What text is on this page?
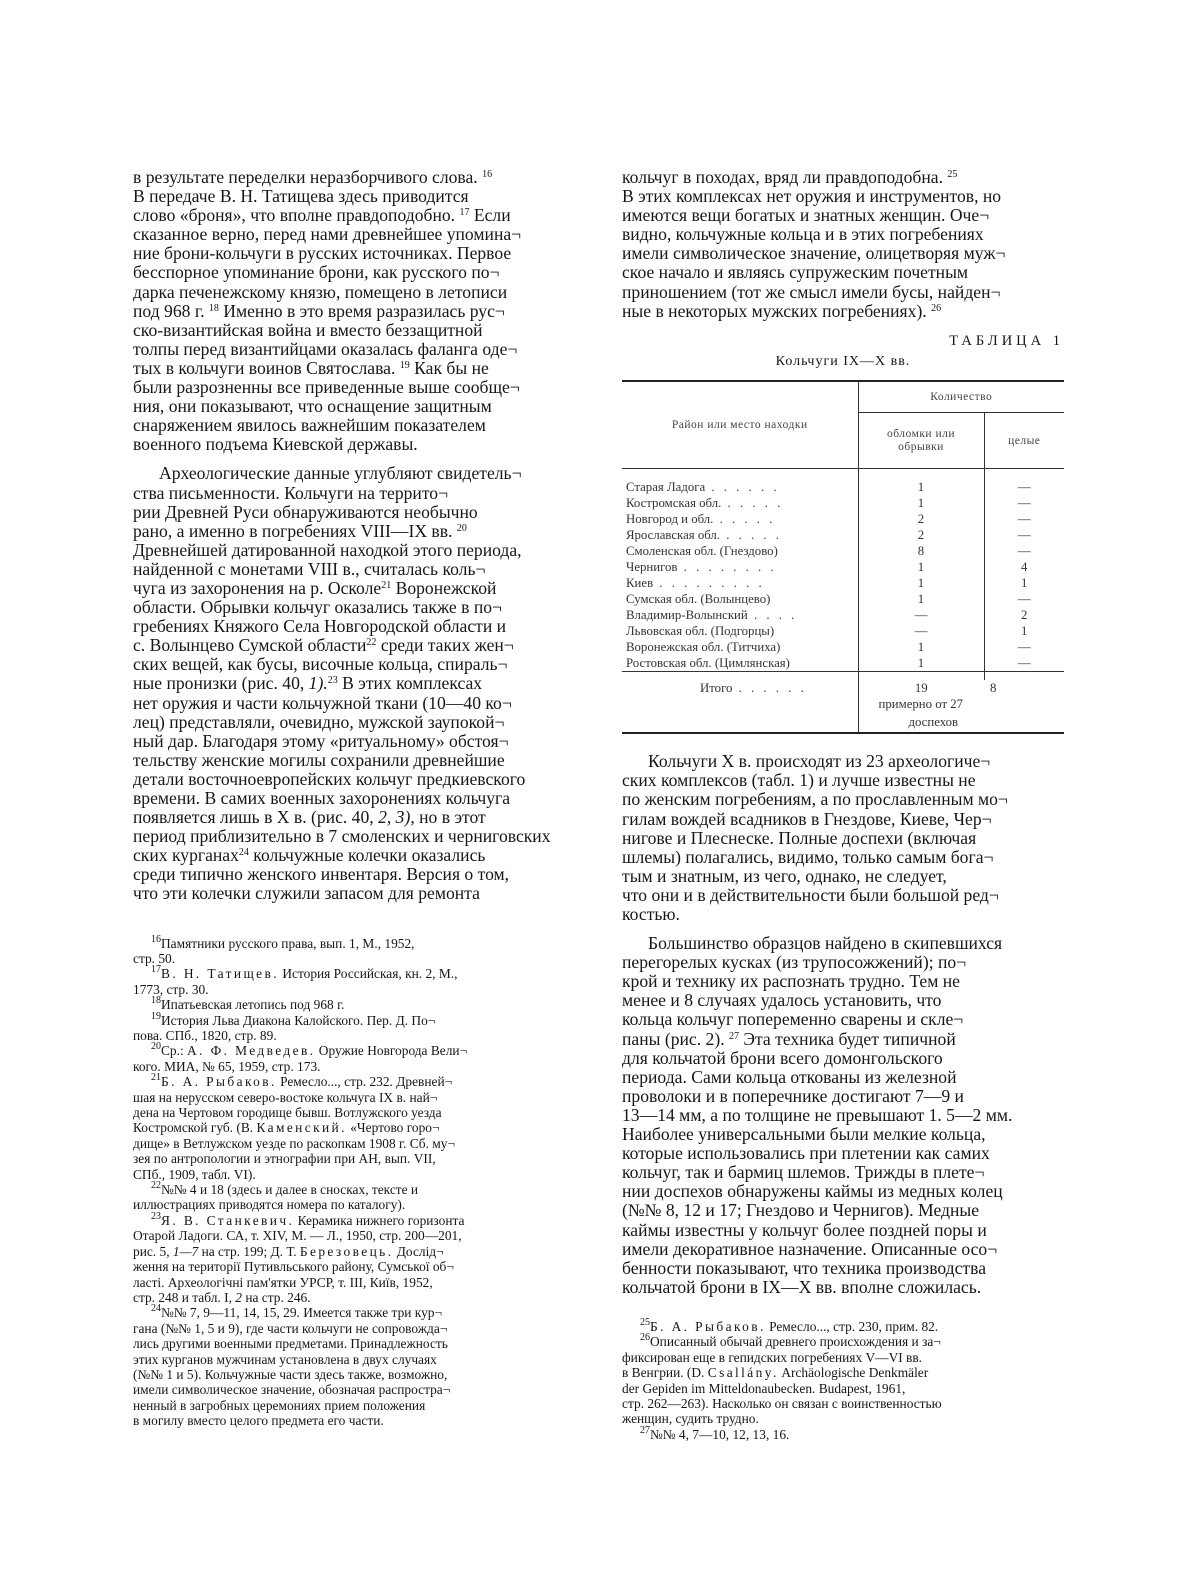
в результате переделки неразборчивого слова. $^{16}$
В передаче В. Н. Татищева здесь приводится
слово «броня», что вполне правдоподобно. $^{17}$ Если
сказанное верно, перед нами древнейшее упомина¬
ние брони-кольчуги в русских источниках. Первое
бесспорное упоминание брони, как русского по¬
дарка печенежскому князю, помещено в летописи
под 968 г. $^{18}$ Именно в это время разразилась рус¬
ско-византийская война и вместо беззащитной
толпы перед византийцами оказалась фаланга оде¬
тых в кольчуги воинов Святослава. $^{19}$ Как бы не
были разрозненны все приведенные выше сообще¬
ния, они показывают, что оснащение защитным
снаряжением явилось важнейшим показателем
военного подъема Киевской державы.
Археологические данные углубляют свидетель¬
ства письменности. Кольчуги на террито¬
рии Древней Руси обнаруживаются необычно
рано, а именно в погребениях VIII—IX вв. $^{20}$
Древнейшей датированной находкой этого периода,
найденной с монетами VIII в., считалась коль¬
чуга из захоронения на р. Осколе$^{21}$ Воронежской
области. Обрывки кольчуг оказались также в по¬
гребениях Княжого Села Новгородской области и
с. Волынцево Сумской области$^{22}$ среди таких жен¬
ских вещей, как бусы, височные кольца, спираль¬
ные пронизки (рис. 40, 1).$^{23}$ В этих комплексах
нет оружия и части кольчужной ткани (10—40 ко¬
лец) представляли, очевидно, мужской заупокой¬
ный дар. Благодаря этому «ритуальному» обстоя¬
тельству женские могилы сохранили древнейшие
детали восточноевропейских кольчуг предкиевского
времени. В самих военных захоронениях кольчуга
появляется лишь в X в. (рис. 40, 2, 3), но в этот
период приблизительно в 7 смоленских и черниговских
ских курганах$^{24}$ кольчужные колечки оказались
среди типично женского инвентаря. Версия о том,
что эти колечки служили запасом для ремонта
$^{16}$Памятники русского права, вып. 1, М., 1952,
стр. 50.
$^{17}$В. Н. Татищев. История Российская, кн. 2, М.,
1773, стр. 30.
$^{18}$Ипатьевская летопись под 968 г.
$^{19}$История Льва Диакона Калойского. Пер. Д. По¬
пова. СПб., 1820, стр. 89.
$^{20}$Ср.: А. Ф. Медведев. Оружие Новгорода Вели¬
кого. МИА, № 65, 1959, стр. 173.
$^{21}$Б. А. Рыбаков. Ремесло..., стр. 232. Древней¬
шая на нерусском северо-востоке кольчуга IX в. най¬
дена на Чертовом городище бывш. Вотлужского уезда
Костромской губ. (В. Каменский. «Чертово горо¬
дище» в Ветлужском уезде по раскопкам 1908 г. Сб. му¬
зея по антропологии и этнографии при АН, вып. VII,
СПб., 1909, табл. VI).
$^{22}$№№ 4 и 18 (здесь и далее в сносках, тексте и
иллюстрациях приводятся номера по каталогу).
$^{23}$Я. В. Станкевич. Керамика нижнего горизонта
Отарой Ладоги. СА, т. XIV, М. — Л., 1950, стр. 200—201,
рис. 5, 1—7 на стр. 199; Д. Т. Березовець. Дослід¬
ження на території Путивльського району, Сумської об¬
ласті. Археологічні пам'ятки УРСР, т. III, Київ, 1952,
стр. 248 и табл. I, 2 на стр. 246.
$^{24}$№№ 7, 9—11, 14, 15, 29. Имеется также три кур¬
гана (№№ 1, 5 и 9), где части кольчуги не сопровожда¬
лись другими военными предметами. Принадлежность
этих курганов мужчинам установлена в двух случаях
(№№ 1 и 5). Кольчужные части здесь также, возможно,
имели символическое значение, обозначая распростра¬
ненный в загробных церемониях прием положения
в могилу вместо целого предмета его части.
кольчуг в походах, вряд ли правдоподобна. $^{25}$
В этих комплексах нет оружия и инструментов, но
имеются вещи богатых и знатных женщин. Оче¬
видно, кольчужные кольца и в этих погребениях
имели символическое значение, олицетворяя муж¬
ское начало и являясь супружеским почетным
приношением (тот же смысл имели бусы, найден¬
ные в некоторых мужских погребениях). $^{26}$
ТАБЛИЦА 1
Кольчуги IX—X вв.
Район или место находки	Количество	
	обломки или обрывки	целые

Старая Ладога . . . . . .	1	—
Костромская обл. . . . . .	1	—
Новгород и обл. . . . . .	2	—
Ярославская обл. . . . . .	2	—
Смоленская обл. (Гнездово)	8	—
Чернигов . . . . . . . .	1	4
Киев . . . . . . . . .	1	1
Сумская обл. (Волынцево)	1	—
Владимир-Волынский . . . .	—	2
Львовская обл. (Подгорцы)	—	1
Воронежская обл. (Титчиха)	1	—
Ростовская обл. (Цимлянская)	1	—

Итого . . . . . .	19	8
	примерно от 27	
	доспехов	
Кольчуги X в. происходят из 23 археологиче¬
ских комплексов (табл. 1) и лучше известны не
по женским погребениям, а по прославленным мо¬
гилам вождей всадников в Гнездове, Киеве, Чер¬
нигове и Плеснеске. Полные доспехи (включая
шлемы) полагались, видимо, только самым бога¬
тым и знатным, из чего, однако, не следует,
что они и в действительности были большой ред¬
костью.
Большинство образцов найдено в скипевшихся
перегорелых кусках (из трупосожжений); по¬
крой и технику их распознать трудно. Тем не
менее и 8 случаях удалось установить, что
кольца кольчуг попеременно сварены и скле¬
паны (рис. 2). $^{27}$ Эта техника будет типичной
для кольчатой брони всего домонгольского
периода. Сами кольца откованы из железной
проволоки и в поперечнике достигают 7—9 и
13—14 мм, а по толщине не превышают 1. 5—2 мм.
Наиболее универсальными были мелкие кольца,
которые использовались при плетении как самих
кольчуг, так и бармиц шлемов. Трижды в плете¬
нии доспехов обнаружены каймы из медных колец
(№№ 8, 12 и 17; Гнездово и Чернигов). Медные
каймы известны у кольчуг более поздней поры и
имели декоративное назначение. Описанные осо¬
бенности показывают, что техника производства
кольчатой брони в IX—X вв. вполне сложилась.
$^{25}$Б. А. Рыбаков. Ремесло..., стр. 230, прим. 82.
$^{26}$Описанный обычай древнего происхождения и за¬
фиксирован еще в гепидских погребениях V—VI вв.
в Венгрии. (D. Csallány. Archäologische Denkmäler
der Gepiden im Mitteldonaubecken. Budapest, 1961,
стр. 262—263). Насколько он связан с воинственностью
женщин, судить трудно.
$^{27}$№№ 4, 7—10, 12, 13, 16.
